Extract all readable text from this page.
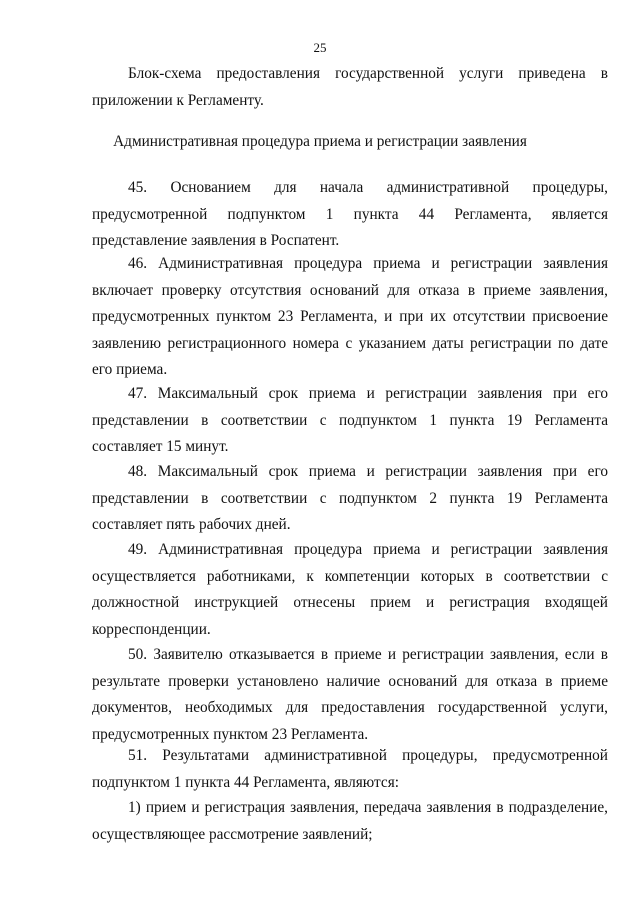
25

Блок-схема предоставления государственной услуги приведена в приложении к Регламенту.

Административная процедура приема и регистрации заявления

45. Основанием для начала административной процедуры, предусмотренной подпунктом 1 пункта 44 Регламента, является представление заявления в Роспатент.

46. Административная процедура приема и регистрации заявления включает проверку отсутствия оснований для отказа в приеме заявления, предусмотренных пунктом 23 Регламента, и при их отсутствии присвоение заявлению регистрационного номера с указанием даты регистрации по дате его приема.

47. Максимальный срок приема и регистрации заявления при его представлении в соответствии с подпунктом 1 пункта 19 Регламента составляет 15 минут.

48. Максимальный срок приема и регистрации заявления при его представлении в соответствии с подпунктом 2 пункта 19 Регламента составляет пять рабочих дней.

49. Административная процедура приема и регистрации заявления осуществляется работниками, к компетенции которых в соответствии с должностной инструкцией отнесены прием и регистрация входящей корреспонденции.

50. Заявителю отказывается в приеме и регистрации заявления, если в результате проверки установлено наличие оснований для отказа в приеме документов, необходимых для предоставления государственной услуги, предусмотренных пунктом 23 Регламента.

51. Результатами административной процедуры, предусмотренной подпунктом 1 пункта 44 Регламента, являются:

1) прием и регистрация заявления, передача заявления в подразделение, осуществляющее рассмотрение заявлений;
